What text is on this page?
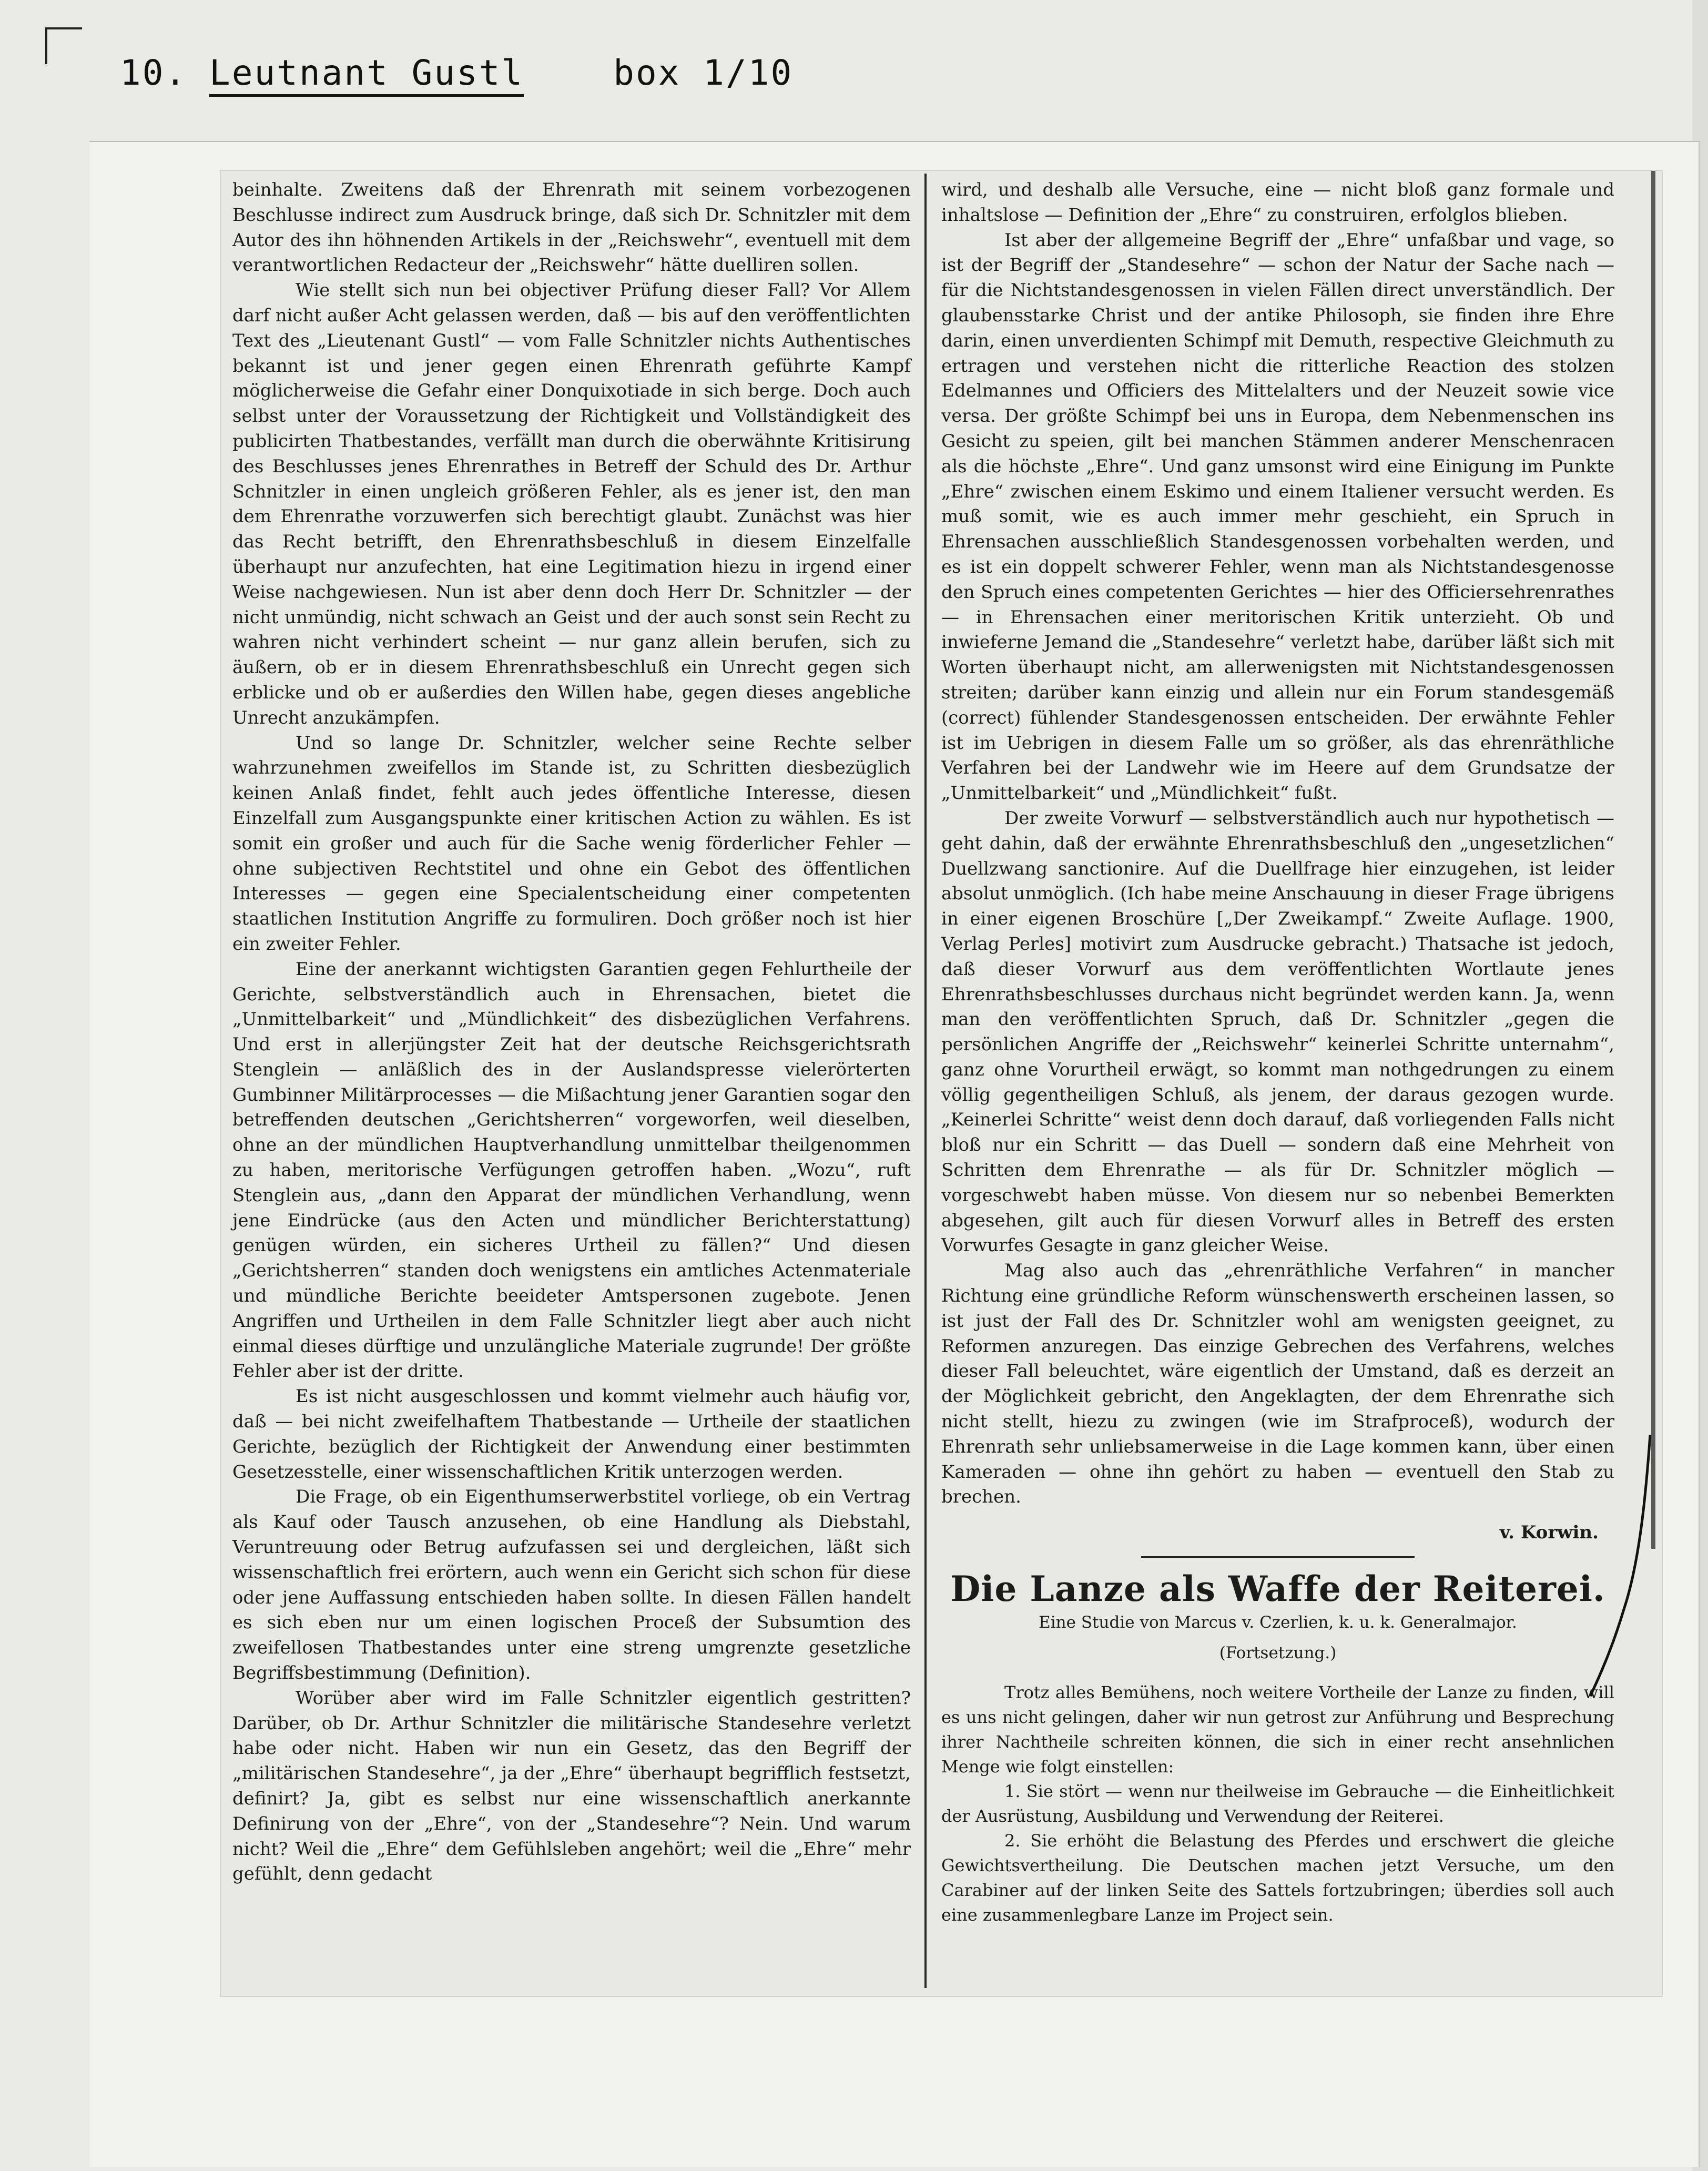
10. Leutnant Gustl	box 1/10

beinhalte. Zweitens daß der Ehrenrath mit seinem vorbezogenen Beschlusse indirect zum Ausdruck bringe, daß sich Dr. Schnitzler mit dem Autor des ihn höhnenden Artikels in der „Reichswehr“, eventuell mit dem verantwortlichen Redacteur der „Reichswehr“ hätte duelliren sollen.

Wie stellt sich nun bei objectiver Prüfung dieser Fall? Vor Allem darf nicht außer Acht gelassen werden, daß — bis auf den veröffentlichten Text des „Lieutenant Gustl“ — vom Falle Schnitzler nichts Authentisches bekannt ist und jener gegen einen Ehrenrath geführte Kampf möglicherweise die Gefahr einer Donquixotiade in sich berge. Doch auch selbst unter der Voraussetzung der Richtigkeit und Vollständigkeit des publicirten Thatbestandes, verfällt man durch die oberwähnte Kritisirung des Beschlusses jenes Ehrenrathes in Betreff der Schuld des Dr. Arthur Schnitzler in einen ungleich größeren Fehler, als es jener ist, den man dem Ehrenrathe vorzuwerfen sich berechtigt glaubt. Zunächst was hier das Recht betrifft, den Ehrenrathsbeschluß in diesem Einzelfalle überhaupt nur anzufechten, hat eine Legitimation hiezu in irgend einer Weise nachgewiesen. Nun ist aber denn doch Herr Dr. Schnitzler — der nicht unmündig, nicht schwach an Geist und der auch sonst sein Recht zu wahren nicht verhindert scheint — nur ganz allein berufen, sich zu äußern, ob er in diesem Ehrenrathsbeschluß ein Unrecht gegen sich erblicke und ob er außerdies den Willen habe, gegen dieses angebliche Unrecht anzukämpfen.

Und so lange Dr. Schnitzler, welcher seine Rechte selber wahrzunehmen zweifellos im Stande ist, zu Schritten diesbezüglich keinen Anlaß findet, fehlt auch jedes öffentliche Interesse, diesen Einzelfall zum Ausgangspunkte einer kritischen Action zu wählen. Es ist somit ein großer und auch für die Sache wenig förderlicher Fehler — ohne subjectiven Rechtstitel und ohne ein Gebot des öffentlichen Interesses — gegen eine Specialentscheidung einer competenten staatlichen Institution Angriffe zu formuliren. Doch größer noch ist hier ein zweiter Fehler.

Eine der anerkannt wichtigsten Garantien gegen Fehlurtheile der Gerichte, selbstverständlich auch in Ehrensachen, bietet die „Unmittelbarkeit“ und „Mündlichkeit“ des disbezüglichen Verfahrens. Und erst in allerjüngster Zeit hat der deutsche Reichsgerichtsrath Stenglein — anläßlich des in der Auslandspresse vielerörterten Gumbinner Militärprocesses — die Mißachtung jener Garantien sogar den betreffenden deutschen „Gerichtsherren“ vorgeworfen, weil dieselben, ohne an der mündlichen Hauptverhandlung unmittelbar theilgenommen zu haben, meritorische Verfügungen getroffen haben. „Wozu“, ruft Stenglein aus, „dann den Apparat der mündlichen Verhandlung, wenn jene Eindrücke (aus den Acten und mündlicher Berichterstattung) genügen würden, ein sicheres Urtheil zu fällen?“ Und diesen „Gerichtsherren“ standen doch wenigstens ein amtliches Actenmateriale und mündliche Berichte beeideter Amtspersonen zugebote. Jenen Angriffen und Urtheilen in dem Falle Schnitzler liegt aber auch nicht einmal dieses dürftige und unzulängliche Materiale zugrunde! Der größte Fehler aber ist der dritte.

Es ist nicht ausgeschlossen und kommt vielmehr auch häufig vor, daß — bei nicht zweifelhaftem Thatbestande — Urtheile der staatlichen Gerichte, bezüglich der Richtigkeit der Anwendung einer bestimmten Gesetzesstelle, einer wissenschaftlichen Kritik unterzogen werden.

Die Frage, ob ein Eigenthumserwerbstitel vorliege, ob ein Vertrag als Kauf oder Tausch anzusehen, ob eine Handlung als Diebstahl, Veruntreuung oder Betrug aufzufassen sei und dergleichen, läßt sich wissenschaftlich frei erörtern, auch wenn ein Gericht sich schon für diese oder jene Auffassung entschieden haben sollte. In diesen Fällen handelt es sich eben nur um einen logischen Proceß der Subsumtion des zweifellosen Thatbestandes unter eine streng umgrenzte gesetzliche Begriffsbestimmung (Definition).

Worüber aber wird im Falle Schnitzler eigentlich gestritten? Darüber, ob Dr. Arthur Schnitzler die militärische Standesehre verletzt habe oder nicht. Haben wir nun ein Gesetz, das den Begriff der „militärischen Standesehre“, ja der „Ehre“ überhaupt begrifflich festsetzt, definirt? Ja, gibt es selbst nur eine wissenschaftlich anerkannte Definirung von der „Ehre“, von der „Standesehre“? Nein. Und warum nicht? Weil die „Ehre“ dem Gefühlsleben angehört; weil die „Ehre“ mehr gefühlt, denn gedacht

wird, und deshalb alle Versuche, eine — nicht bloß ganz formale und inhaltslose — Definition der „Ehre“ zu construiren, erfolglos blieben.

Ist aber der allgemeine Begriff der „Ehre“ unfaßbar und vage, so ist der Begriff der „Standesehre“ — schon der Natur der Sache nach — für die Nichtstandesgenossen in vielen Fällen direct unverständlich. Der glaubensstarke Christ und der antike Philosoph, sie finden ihre Ehre darin, einen unverdienten Schimpf mit Demuth, respective Gleichmuth zu ertragen und verstehen nicht die ritterliche Reaction des stolzen Edelmannes und Officiers des Mittelalters und der Neuzeit sowie vice versa. Der größte Schimpf bei uns in Europa, dem Nebenmenschen ins Gesicht zu speien, gilt bei manchen Stämmen anderer Menschenracen als die höchste „Ehre“. Und ganz umsonst wird eine Einigung im Punkte „Ehre“ zwischen einem Eskimo und einem Italiener versucht werden. Es muß somit, wie es auch immer mehr geschieht, ein Spruch in Ehrensachen ausschließlich Standesgenossen vorbehalten werden, und es ist ein doppelt schwerer Fehler, wenn man als Nichtstandesgenosse den Spruch eines competenten Gerichtes — hier des Officiersehrenrathes — in Ehrensachen einer meritorischen Kritik unterzieht. Ob und inwieferne Jemand die „Standesehre“ verletzt habe, darüber läßt sich mit Worten überhaupt nicht, am allerwenigsten mit Nichtstandesgenossen streiten; darüber kann einzig und allein nur ein Forum standesgemäß (correct) fühlender Standesgenossen entscheiden. Der erwähnte Fehler ist im Uebrigen in diesem Falle um so größer, als das ehrenräthliche Verfahren bei der Landwehr wie im Heere auf dem Grundsatze der „Unmittelbarkeit“ und „Mündlichkeit“ fußt.

Der zweite Vorwurf — selbstverständlich auch nur hypothetisch — geht dahin, daß der erwähnte Ehrenrathsbeschluß den „ungesetzlichen“ Duellzwang sanctionire. Auf die Duellfrage hier einzugehen, ist leider absolut unmöglich. (Ich habe meine Anschauung in dieser Frage übrigens in einer eigenen Broschüre [„Der Zweikampf.“ Zweite Auflage. 1900, Verlag Perles] motivirt zum Ausdrucke gebracht.) Thatsache ist jedoch, daß dieser Vorwurf aus dem veröffentlichten Wortlaute jenes Ehrenrathsbeschlusses durchaus nicht begründet werden kann. Ja, wenn man den veröffentlichten Spruch, daß Dr. Schnitzler „gegen die persönlichen Angriffe der „Reichswehr“ keinerlei Schritte unternahm“, ganz ohne Vorurtheil erwägt, so kommt man nothgedrungen zu einem völlig gegentheiligen Schluß, als jenem, der daraus gezogen wurde. „Keinerlei Schritte“ weist denn doch darauf, daß vorliegenden Falls nicht bloß nur ein Schritt — das Duell — sondern daß eine Mehrheit von Schritten dem Ehrenrathe — als für Dr. Schnitzler möglich — vorgeschwebt haben müsse. Von diesem nur so nebenbei Bemerkten abgesehen, gilt auch für diesen Vorwurf alles in Betreff des ersten Vorwurfes Gesagte in ganz gleicher Weise.

Mag also auch das „ehrenräthliche Verfahren“ in mancher Richtung eine gründliche Reform wünschenswerth erscheinen lassen, so ist just der Fall des Dr. Schnitzler wohl am wenigsten geeignet, zu Reformen anzuregen. Das einzige Gebrechen des Verfahrens, welches dieser Fall beleuchtet, wäre eigentlich der Umstand, daß es derzeit an der Möglichkeit gebricht, den Angeklagten, der dem Ehrenrathe sich nicht stellt, hiezu zu zwingen (wie im Strafproceß), wodurch der Ehrenrath sehr unliebsamerweise in die Lage kommen kann, über einen Kameraden — ohne ihn gehört zu haben — eventuell den Stab zu brechen.

v. Korwin.
Die Lanze als Waffe der Reiterei.
Eine Studie von Marcus v. Czerlien, k. u. k. Generalmajor.
(Fortsetzung.)

Trotz alles Bemühens, noch weitere Vortheile der Lanze zu finden, will es uns nicht gelingen, daher wir nun getrost zur Anführung und Besprechung ihrer Nachtheile schreiten können, die sich in einer recht ansehnlichen Menge wie folgt einstellen:

1. Sie stört — wenn nur theilweise im Gebrauche — die Einheitlichkeit der Ausrüstung, Ausbildung und Verwendung der Reiterei.

2. Sie erhöht die Belastung des Pferdes und erschwert die gleiche Gewichtsvertheilung. Die Deutschen machen jetzt Versuche, um den Carabiner auf der linken Seite des Sattels fortzubringen; überdies soll auch eine zusammenlegbare Lanze im Project sein.
